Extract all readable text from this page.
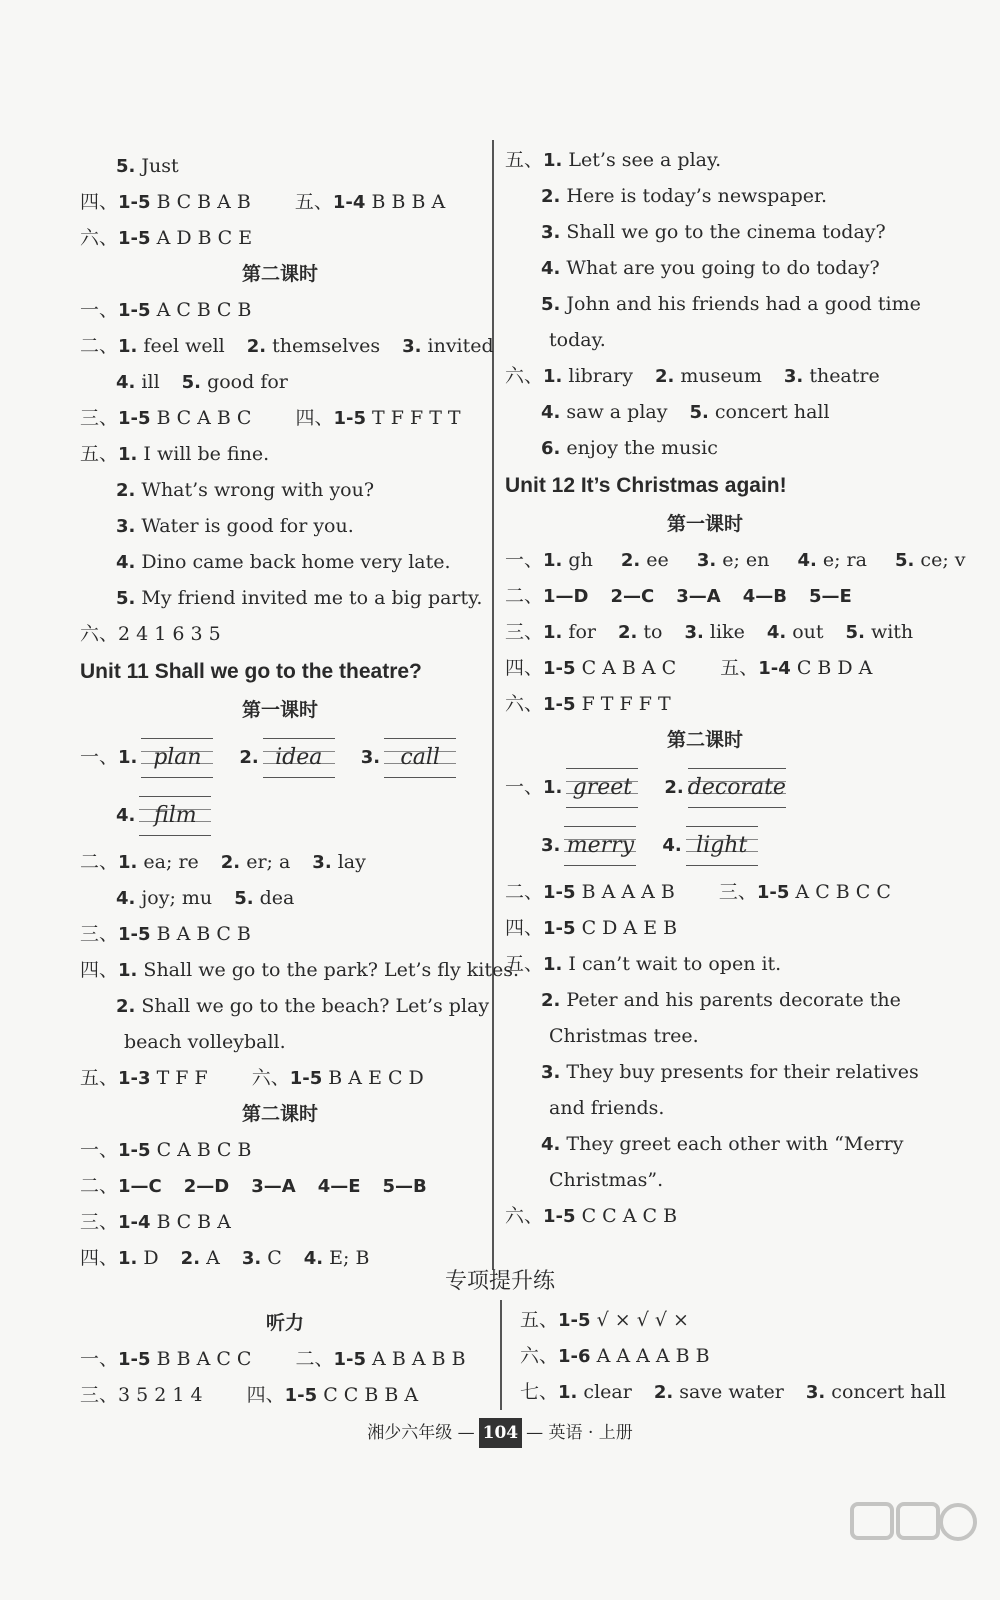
5. Just
四、1-5 B C B A B 五、1-4 B B B A
六、1-5 A D B C E
第二课时
一、1-5 A C B C B
二、1. feel well 2. themselves 3. invited
4. ill 5. good for
三、1-5 B C A B C 四、1-5 T F F T T
五、1. I will be fine.
2. What’s wrong with you?
3. Water is good for you.
4. Dino came back home very late.
5. My friend invited me to a big party.
六、2 4 1 6 3 5
Unit 11 Shall we go to the theatre?
第一课时
一、1. plan 2. idea 3. call
4. film
二、1. ea; re 2. er; a 3. lay
4. joy; mu 5. dea
三、1-5 B A B C B
四、1. Shall we go to the park? Let’s fly kites.
2. Shall we go to the beach? Let’s play
beach volleyball.
五、1-3 T F F 六、1-5 B A E C D
第二课时
一、1-5 C A B C B
二、1—C 2—D 3—A 4—E 5—B
三、1-4 B C B A
四、1. D 2. A 3. C 4. E; B
五、1. Let’s see a play.
2. Here is today’s newspaper.
3. Shall we go to the cinema today?
4. What are you going to do today?
5. John and his friends had a good time
today.
六、1. library 2. museum 3. theatre
4. saw a play 5. concert hall
6. enjoy the music
Unit 12 It’s Christmas again!
第一课时
一、1. gh 2. ee 3. e; en 4. e; ra 5. ce; v
二、1—D 2—C 3—A 4—B 5—E
三、1. for 2. to 3. like 4. out 5. with
四、1-5 C A B A C 五、1-4 C B D A
六、1-5 F T F F T
第二课时
一、1. greet 2. decorate
3. merry 4. light
二、1-5 B A A A B 三、1-5 A C B C C
四、1-5 C D A E B
五、1. I can’t wait to open it.
2. Peter and his parents decorate the
Christmas tree.
3. They buy presents for their relatives
and friends.
4. They greet each other with “Merry
Christmas”.
六、1-5 C C A C B
专项提升练
听力
一、1-5 B B A C C 二、1-5 A B A B B
三、3 5 2 1 4 四、1-5 C C B B A
五、1-5 √ × √ √ ×
六、1-6 A A A A B B
七、1. clear 2. save water 3. concert hall
湘少六年级 — 104 — 英语 · 上册
